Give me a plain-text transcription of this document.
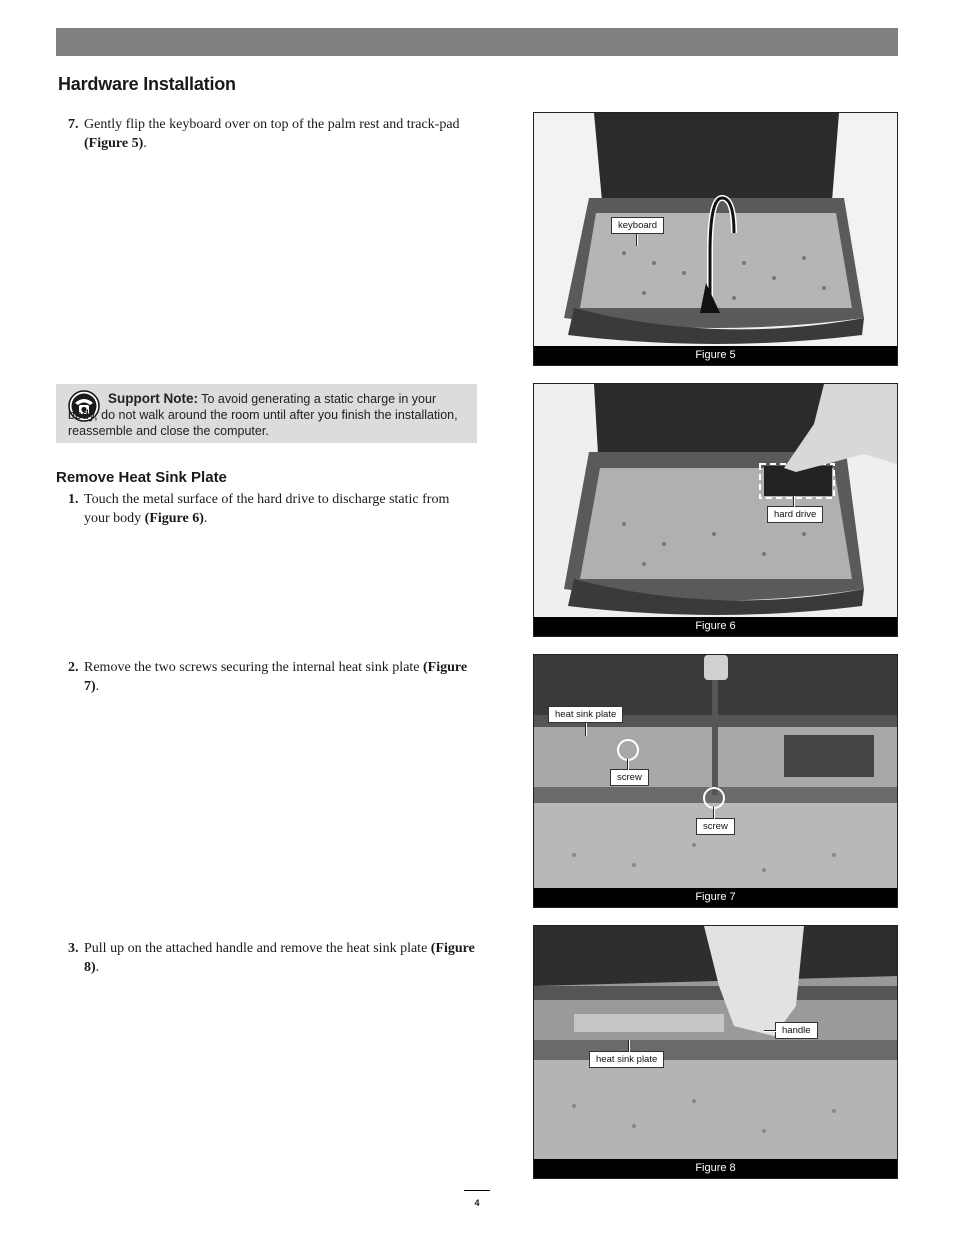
Hardware Installation
7. Gently flip the keyboard over on top of the palm rest and track-pad (Figure 5).
Support Note: To avoid generating a static charge in your body, do not walk around the room until after you finish the installation, reassemble and close the computer.
Remove Heat Sink Plate
1. Touch the metal surface of the hard drive to discharge static from your body (Figure 6).
2. Remove the two screws securing the internal heat sink plate (Figure 7).
3. Pull up on the attached handle and remove the heat sink plate (Figure 8).
keyboard
Figure 5
hard drive
Figure 6
heat sink plate
screw
screw
Figure 7
handle
heat sink plate
Figure 8
4
